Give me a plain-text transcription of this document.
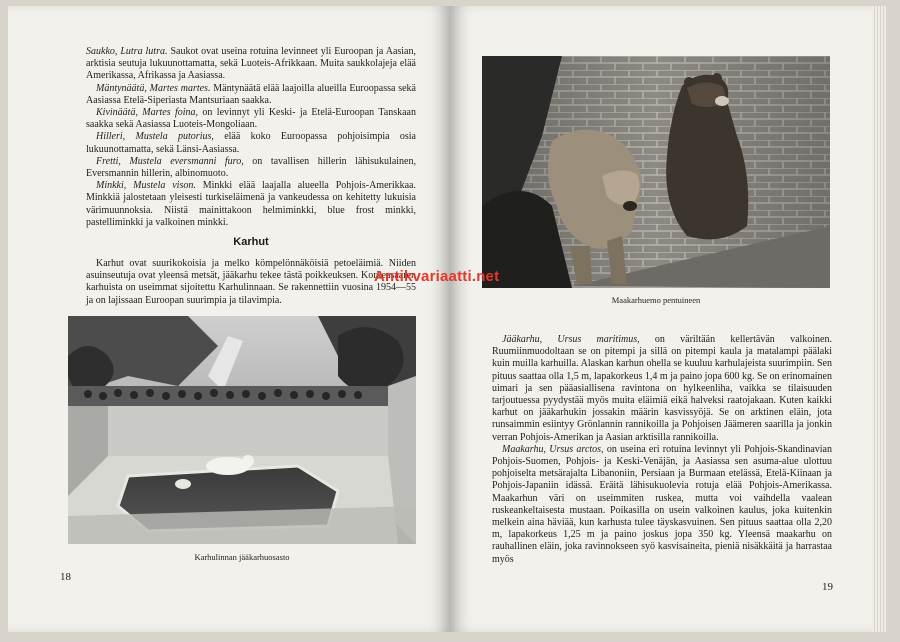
Saukko, Lutra lutra. Saukot ovat useina rotuina levinneet yli Euroopan ja Aasian, arktisia seutuja lukuunottamatta, sekä Luoteis-Afrikkaan. Muita saukkolajeja elää Amerikassa, Afrikassa ja Aasiassa.

Mäntynäätä, Martes martes. Mäntynäätä elää laajoilla alueilla Euroopassa sekä Aasiassa Etelä-Siperiasta Mantsuriaan saakka.

Kivinäätä, Martes foina, on levinnyt yli Keski- ja Etelä-Euroopan Tanskaan saakka sekä Aasiassa Luoteis-Mongoliaan.

Hilleri, Mustela putorius, elää koko Euroopassa pohjoisimpia osia lukuunottamatta, sekä Länsi-Aasiassa.

Fretti, Mustela eversmanni furo, on tavallisen hillerin lähisukulainen, Eversmannin hillerin, albinomuoto.

Minkki, Mustela vison. Minkki elää laajalla alueella Pohjois-Amerikkaa. Minkkiä jalostetaan yleisesti turkiseläimenä ja vankeudessa on kehitetty lukuisia värimuunnoksia. Niistä mainittakoon helmiminkki, blue frost minkki, pastelliminkki ja valkoinen minkki.

Karhut

Karhut ovat suurikokoisia ja melko kömpelönnäköisiä petoeläimiä. Niiden asuinseutuja ovat yleensä metsät, jääkarhu tekee tästä poikkeuksen. Korkeasaaren karhuista on useimmat sijoitettu Karhulinnaan. Se rakennettiin vuosina 1954—55 ja on lajissaan Euroopan suurimpia ja tilavimpia.

Karhulinnan jääkarhuosasto
18
Maakarhuemo pentuineen

Jääkarhu, Ursus maritimus, on väriltään kellertävän valkoinen. Ruumiinmuodoltaan se on pitempi ja sillä on pitempi kaula ja matalampi päälaki kuin muilla karhuilla. Alaskan karhun ohella se kuuluu karhulajeista suurimpiin. Sen pituus saattaa olla 1,5 m, lapakorkeus 1,4 m ja paino jopa 600 kg. Se on erinomainen uimari ja sen pääasiallisena ravintona on hylkeenliha, vaikka se tilaisuuden tarjoutuessa pyydystää myös muita eläimiä eikä halveksi raatojakaan. Kuten kaikki karhut on jääkarhukin jossakin määrin kasvissyöjä. Se on arktinen eläin, jota runsaimmin esiintyy Grönlannin rannikoilla ja Pohjoisen Jäämeren saarilla ja jonkin verran Pohjois-Amerikan ja Aasian arktisilla rannikoilla.

Maakarhu, Ursus arctos, on useina eri rotuina levinnyt yli Pohjois-Skandinavian Pohjois-Suomen, Pohjois- ja Keski-Venäjän, ja Aasiassa sen asuma-alue ulottuu pohjoiselta metsärajalta Libanoniin, Persiaan ja Burmaan etelässä, Etelä-Kiinaan ja Pohjois-Japaniin idässä. Eräitä lähisukuolevia rotuja elää Pohjois-Amerikassa. Maakarhun väri on useimmiten ruskea, mutta voi vaihdella vaalean ruskeankeltaisesta mustaan. Poikasilla on usein valkoinen kaulus, joka kuitenkin melkein aina häviää, kun karhusta tulee täyskasvuinen. Sen pituus saattaa olla 2,20 m, lapakorkeus 1,25 m ja paino joskus jopa 350 kg. Yleensä maakarhu on rauhallinen eläin, joka ravinnokseen syö kasvisaineita, pieniä nisäkkäitä ja harrastaa myös

19
Antikvariaatti.net
